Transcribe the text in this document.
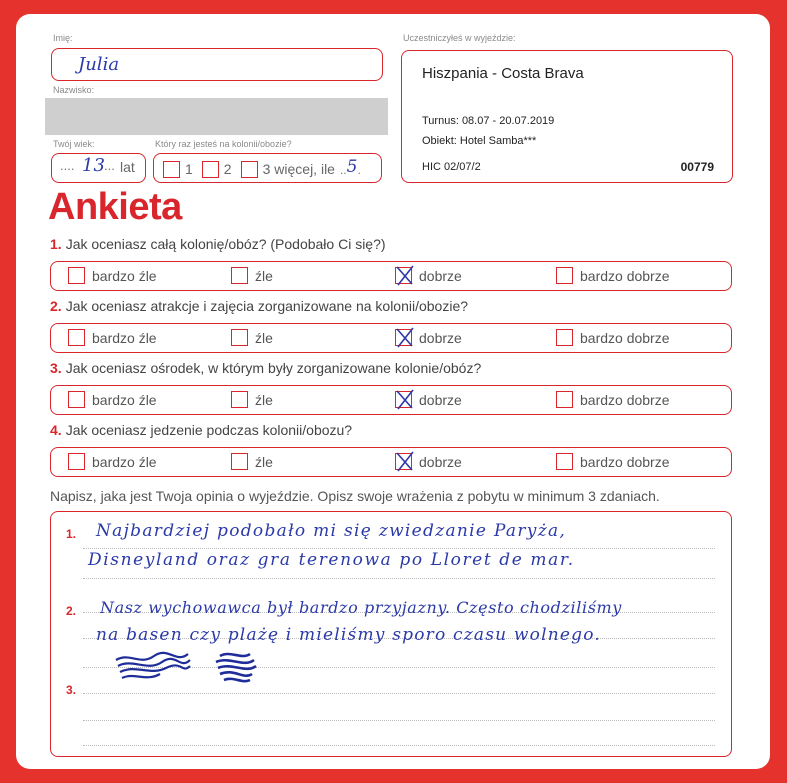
Imię:
Julia
Nazwisko:
Twój wiek:
.... 13 ... lat
Który raz jesteś na kolonii/obozie?
1 2 3 więcej, ile ..5.
Uczestniczyłeś w wyjeździe:
Hiszpania - Costa Brava
Turnus: 08.07 - 20.07.2019
Obiekt: Hotel Samba***
HIC 02/07/2	00779
Ankieta
1. Jak oceniasz całą kolonię/obóz? (Podobało Ci się?)
bardzo źle	źle	dobrze	bardzo dobrze
2. Jak oceniasz atrakcje i zajęcia zorganizowane na kolonii/obozie?
bardzo źle	źle	dobrze	bardzo dobrze
3. Jak oceniasz ośrodek, w którym były zorganizowane kolonie/obóz?
bardzo źle	źle	dobrze	bardzo dobrze
4. Jak oceniasz jedzenie podczas kolonii/obozu?
bardzo źle	źle	dobrze	bardzo dobrze
Napisz, jaka jest Twoja opinia o wyjeździe. Opisz swoje wrażenia z pobytu w minimum 3 zdaniach.
1.
2.
3.
Najbardziej podobało mi się zwiedzanie Paryża,
Disneyland oraz gra terenowa po Lloret de mar.
Nasz wychowawca był bardzo przyjazny. Często chodziliśmy
na basen czy plażę i mieliśmy sporo czasu wolnego.
